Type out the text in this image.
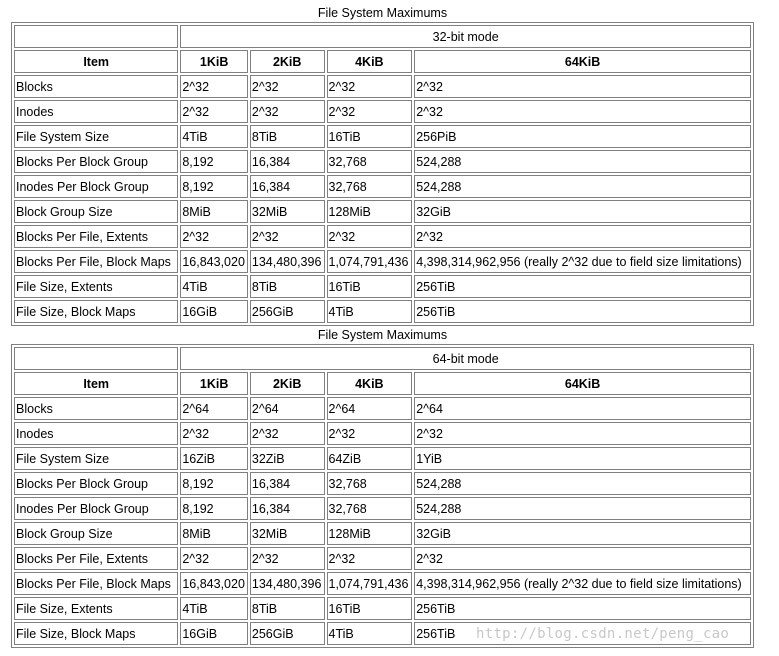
File System Maximums
	32-bit mode			
Item	1KiB	2KiB	4KiB	64KiB
Blocks	2^32	2^32	2^32	2^32
Inodes	2^32	2^32	2^32	2^32
File System Size	4TiB	8TiB	16TiB	256PiB
Blocks Per Block Group	8,192	16,384	32,768	524,288
Inodes Per Block Group	8,192	16,384	32,768	524,288
Block Group Size	8MiB	32MiB	128MiB	32GiB
Blocks Per File, Extents	2^32	2^32	2^32	2^32
Blocks Per File, Block Maps	16,843,020	134,480,396	1,074,791,436	4,398,314,962,956 (really 2^32 due to field size limitations)
File Size, Extents	4TiB	8TiB	16TiB	256TiB
File Size, Block Maps	16GiB	256GiB	4TiB	256TiB
File System Maximums
	64-bit mode			
Item	1KiB	2KiB	4KiB	64KiB
Blocks	2^64	2^64	2^64	2^64
Inodes	2^32	2^32	2^32	2^32
File System Size	16ZiB	32ZiB	64ZiB	1YiB
Blocks Per Block Group	8,192	16,384	32,768	524,288
Inodes Per Block Group	8,192	16,384	32,768	524,288
Block Group Size	8MiB	32MiB	128MiB	32GiB
Blocks Per File, Extents	2^32	2^32	2^32	2^32
Blocks Per File, Block Maps	16,843,020	134,480,396	1,074,791,436	4,398,314,962,956 (really 2^32 due to field size limitations)
File Size, Extents	4TiB	8TiB	16TiB	256TiB
File Size, Block Maps	16GiB	256GiB	4TiB	256TiB http://blog.csdn.net/peng_cao
